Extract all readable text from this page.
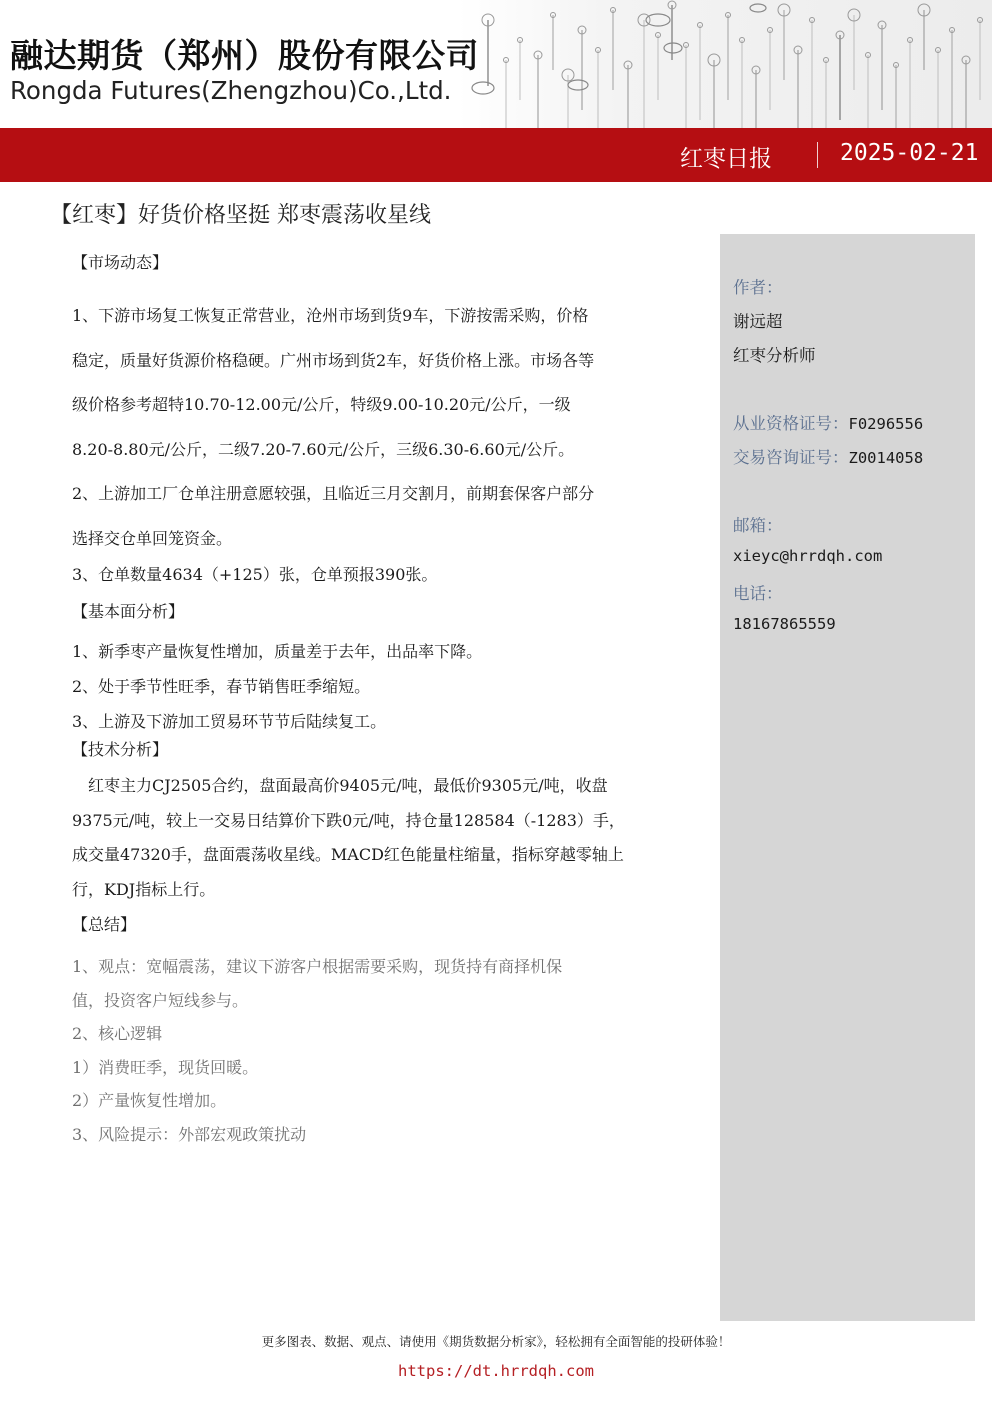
融达期货（郑州）股份有限公司
Rongda Futures(Zhengzhou)Co.,Ltd.
红枣日报	2025-02-21
【红枣】好货价格坚挺 郑枣震荡收星线
【市场动态】
1、下游市场复工恢复正常营业，沧州市场到货9车，下游按需采购，价格
稳定，质量好货源价格稳硬。广州市场到货2车，好货价格上涨。市场各等
级价格参考超特10.70-12.00元/公斤，特级9.00-10.20元/公斤，一级
8.20-8.80元/公斤，二级7.20-7.60元/公斤，三级6.30-6.60元/公斤。
2、上游加工厂仓单注册意愿较强，且临近三月交割月，前期套保客户部分
选择交仓单回笼资金。
3、仓单数量4634（+125）张，仓单预报390张。
【基本面分析】
1、新季枣产量恢复性增加，质量差于去年，出品率下降。
2、处于季节性旺季，春节销售旺季缩短。
3、上游及下游加工贸易环节节后陆续复工。
【技术分析】
　红枣主力CJ2505合约，盘面最高价9405元/吨，最低价9305元/吨，收盘
9375元/吨，较上一交易日结算价下跌0元/吨，持仓量128584（-1283）手，
成交量47320手，盘面震荡收星线。MACD红色能量柱缩量，指标穿越零轴上
行，KDJ指标上行。
【总结】
1、观点：宽幅震荡，建议下游客户根据需要采购，现货持有商择机保
值，投资客户短线参与。
2、核心逻辑
1）消费旺季，现货回暖。
2）产量恢复性增加。
3、风险提示：外部宏观政策扰动
作者：
谢远超
红枣分析师
从业资格证号：F0296556
交易咨询证号：Z0014058
邮箱：
xieyc@hrrdqh.com
电话：
18167865559
更多图表、数据、观点、请使用《期货数据分析家》，轻松拥有全面智能的投研体验！
https://dt.hrrdqh.com
